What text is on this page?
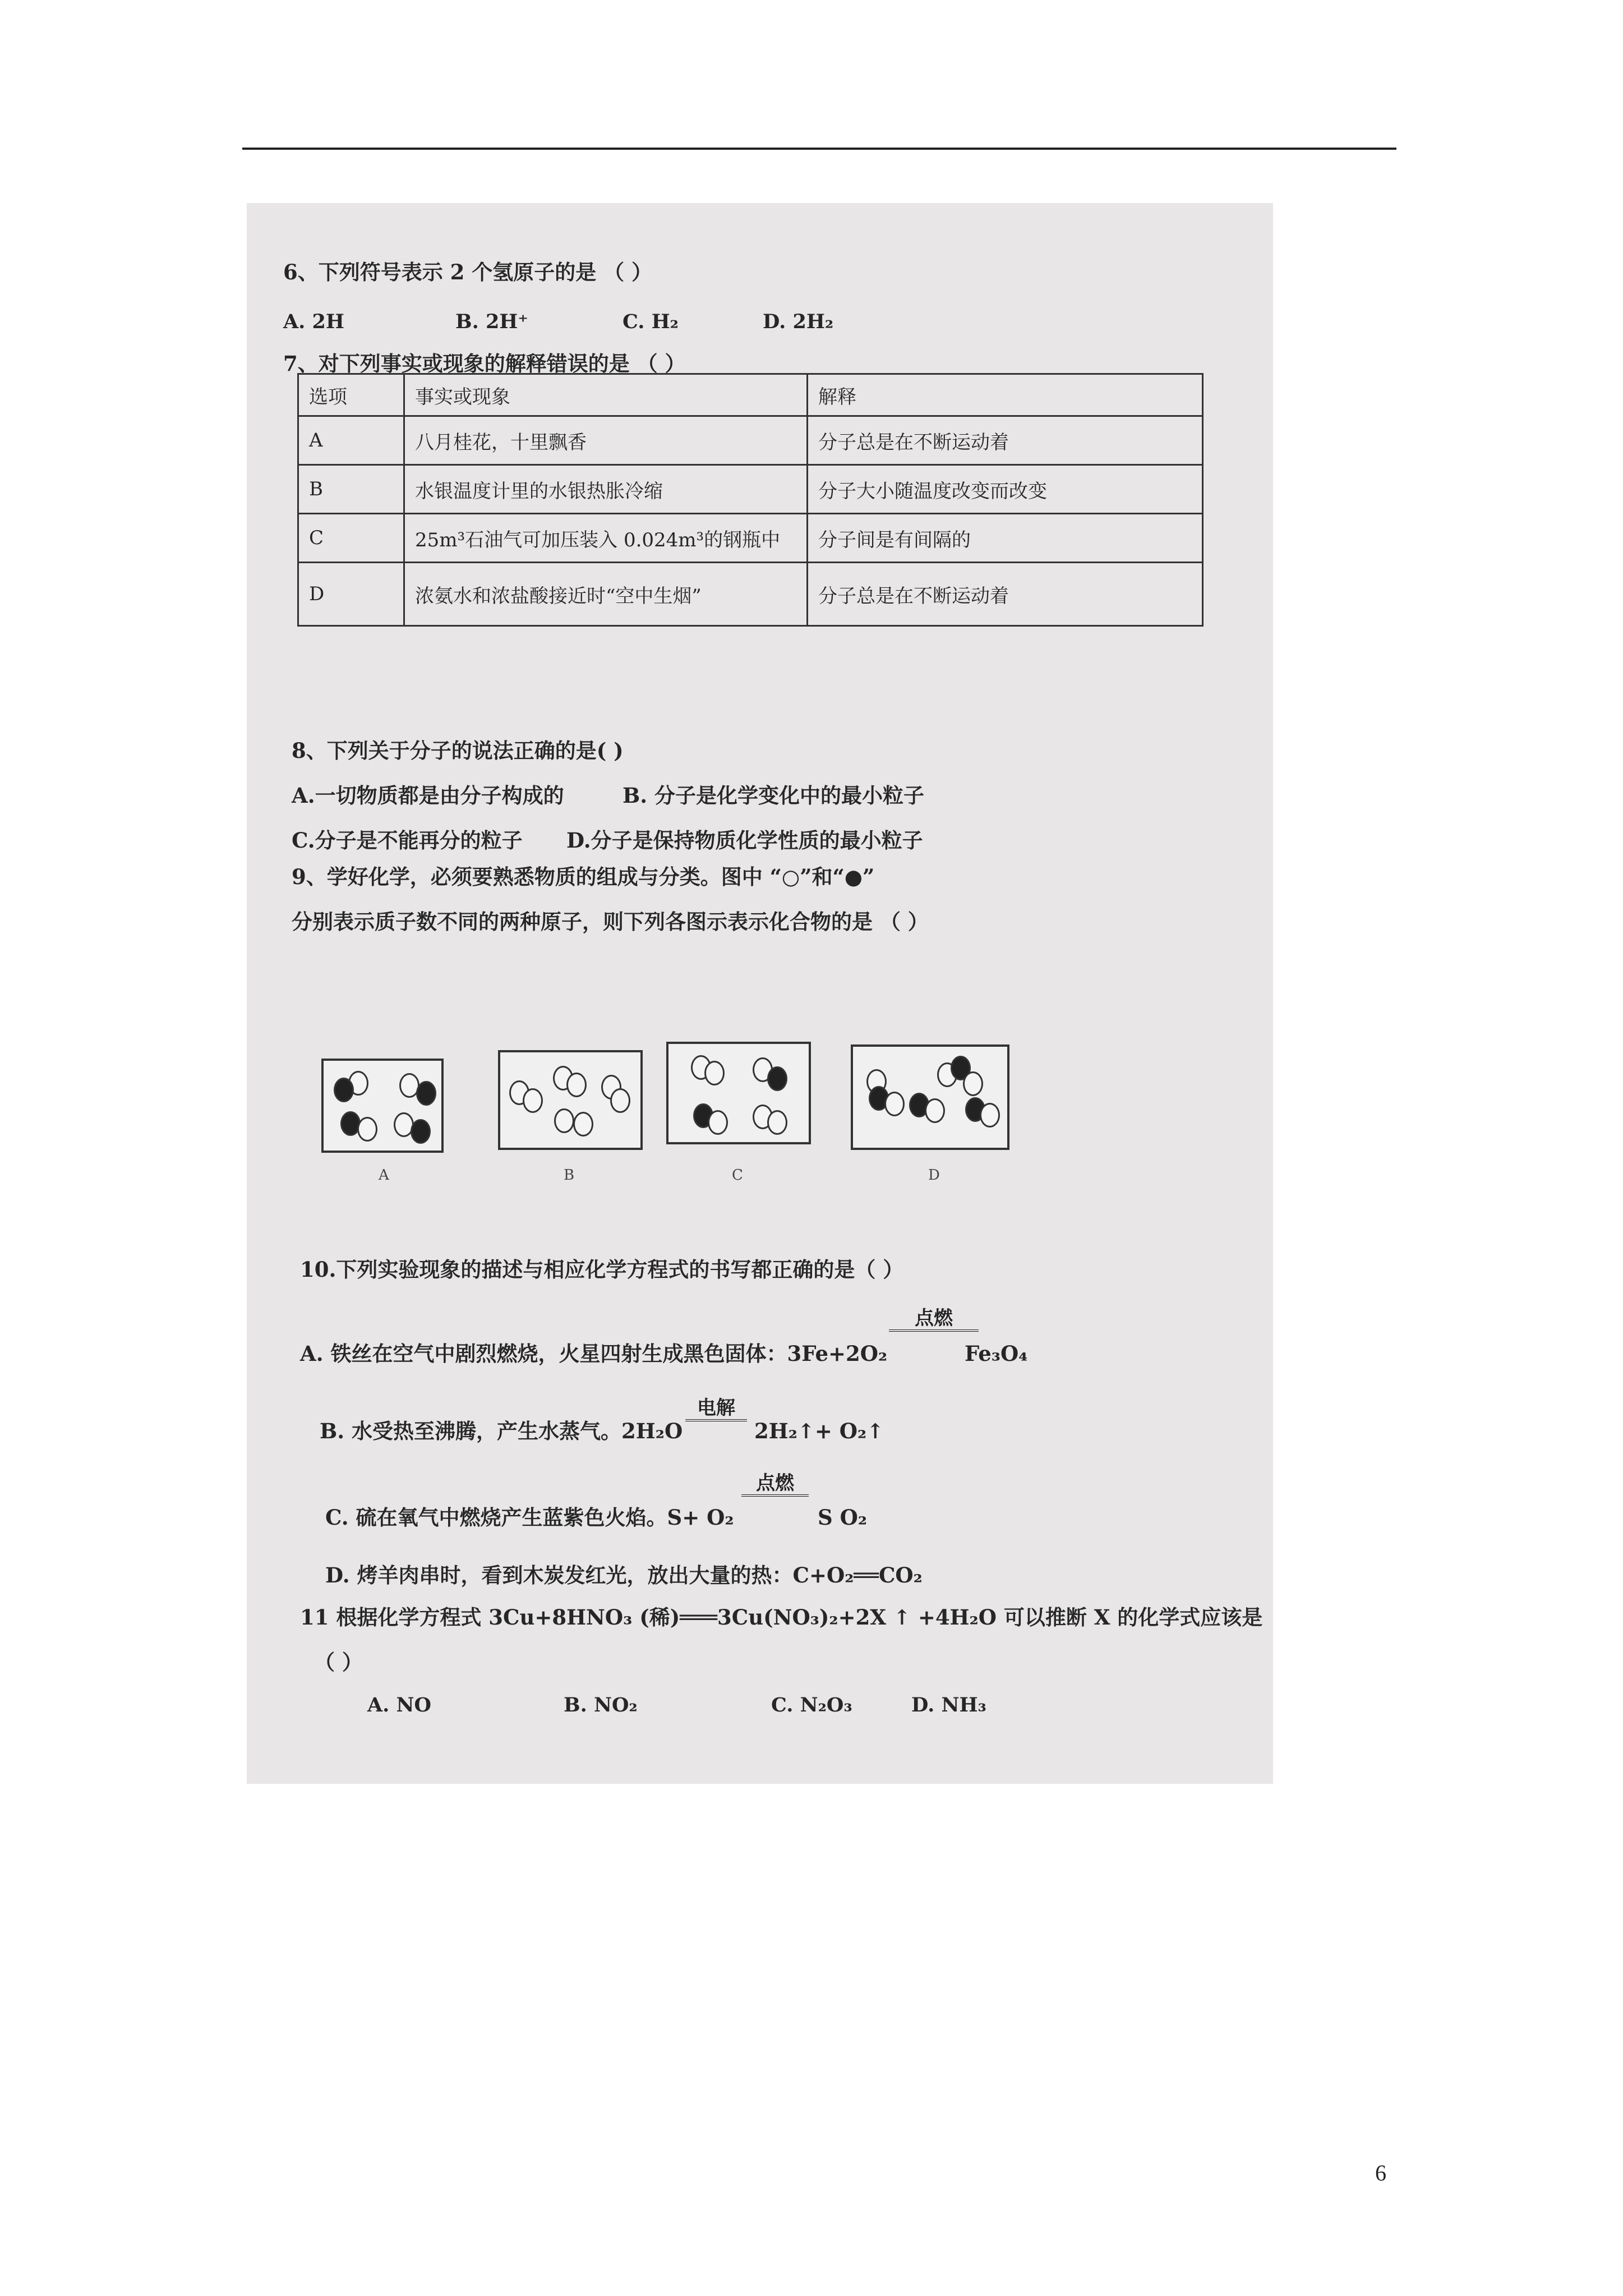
6、下列符号表示 2 个氢原子的是 （ ）
A. 2H	B. 2H⁺	C. H₂	D. 2H₂
7、对下列事实或现象的解释错误的是 （ ）
选项	事实或现象	解释
A	八月桂花，十里飘香	分子总是在不断运动着
B	水银温度计里的水银热胀冷缩	分子大小随温度改变而改变
C	25m³石油气可加压装入 0.024m³的钢瓶中	分子间是有间隔的
D	浓氨水和浓盐酸接近时“空中生烟”	分子总是在不断运动着
8、下列关于分子的说法正确的是( )
A.一切物质都是由分子构成的	B. 分子是化学变化中的最小粒子
C.分子是不能再分的粒子 D.分子是保持物质化学性质的最小粒子
9、学好化学，必须要熟悉物质的组成与分类。图中 “○”和“●”
分别表示质子数不同的两种原子，则下列各图示表示化合物的是 （ ）
A	B	C	D
10.下列实验现象的描述与相应化学方程式的书写都正确的是（ ）
A. 铁丝在空气中剧烈燃烧，火星四射生成黑色固体：3Fe+2O₂
点燃
Fe₃O₄
B. 水受热至沸腾，产生水蒸气。2H₂O
电解
2H₂↑+ O₂↑
C. 硫在氧气中燃烧产生蓝紫色火焰。S+ O₂
点燃
S O₂
D. 烤羊肉串时，看到木炭发红光，放出大量的热：C+O₂══CO₂
11 根据化学方程式 3Cu+8HNO₃ (稀)═══3Cu(NO₃)₂+2X ↑ +4H₂O 可以推断 X 的化学式应该是
（ ）
A. NO	B. NO₂	C. N₂O₃	D. NH₃
6
